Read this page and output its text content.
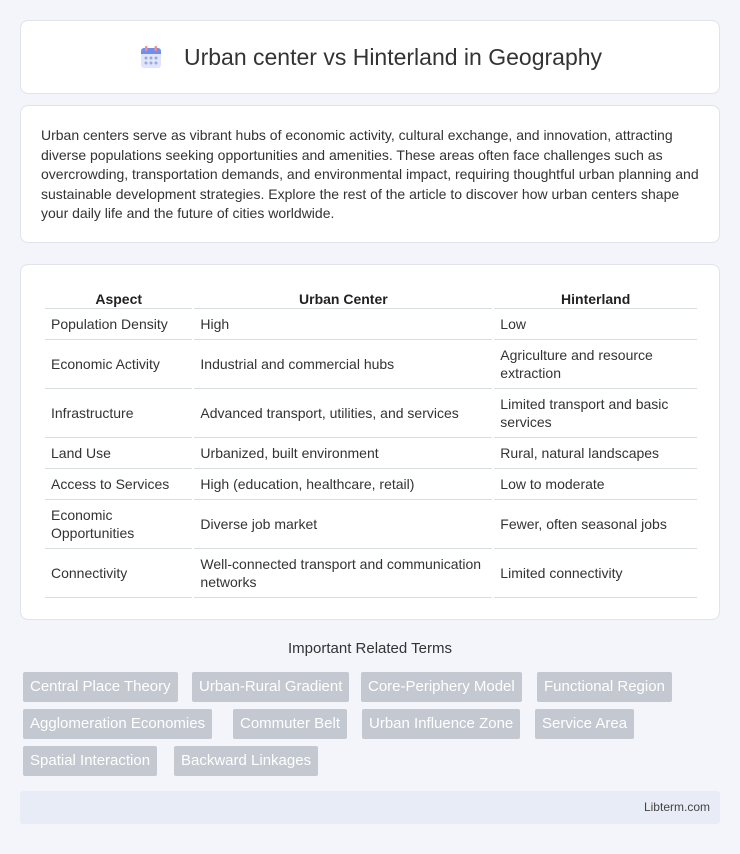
Urban center vs Hinterland in Geography

Urban centers serve as vibrant hubs of economic activity, cultural exchange, and innovation, attracting diverse populations seeking opportunities and amenities. These areas often face challenges such as overcrowding, transportation demands, and environmental impact, requiring thoughtful urban planning and sustainable development strategies. Explore the rest of the article to discover how urban centers shape your daily life and the future of cities worldwide.

Aspect	Urban Center	Hinterland
Population Density	High	Low
Economic Activity	Industrial and commercial hubs	Agriculture and resource extraction
Infrastructure	Advanced transport, utilities, and services	Limited transport and basic services
Land Use	Urbanized, built environment	Rural, natural landscapes
Access to Services	High (education, healthcare, retail)	Low to moderate
Economic Opportunities	Diverse job market	Fewer, often seasonal jobs
Connectivity	Well-connected transport and communication networks	Limited connectivity
Important Related Terms
Central Place Theory	Urban-Rural Gradient	Core-Periphery Model	Functional Region
Agglomeration Economies	Commuter Belt	Urban Influence Zone	Service Area
Spatial Interaction	Backward Linkages
Libterm.com
